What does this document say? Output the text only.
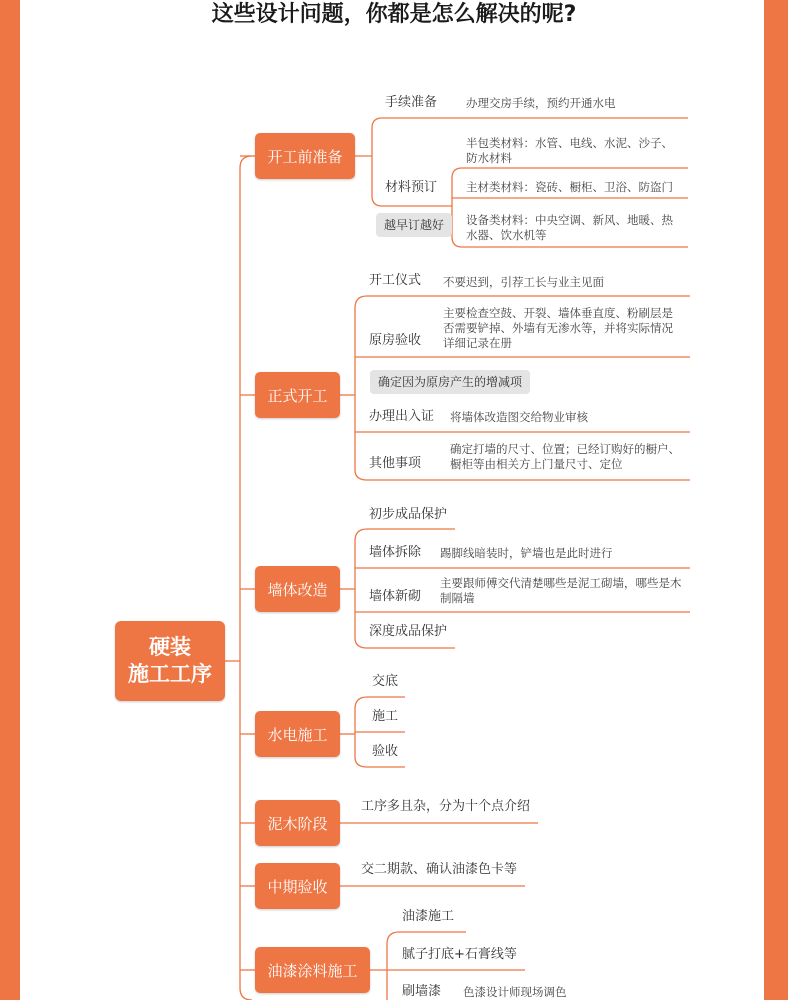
这些设计问题，你都是怎么解决的呢?
硬装
施工工序
开工前准备
正式开工
墙体改造
水电施工
泥木阶段
中期验收
油漆涂料施工
手续准备	办理交房手续，预约开通水电
材料预订
半包类材料：水管、电线、水泥、沙子、防水材料
主材类材料：瓷砖、橱柜、卫浴、防盗门
设备类材料：中央空调、新风、地暖、热水器、饮水机等
越早订越好
开工仪式 不要迟到，引荐工长与业主见面
原房验收
主要检查空鼓、开裂、墙体垂直度、粉刷层是否需要铲掉、外墙有无渗水等，并将实际情况详细记录在册
确定因为原房产生的增减项
办理出入证 将墙体改造图交给物业审核
其他事项
确定打墙的尺寸、位置；已经订购好的橱户、橱柜等由相关方上门量尺寸、定位
初步成品保护
墙体拆除 踢脚线暗装时，铲墙也是此时进行
墙体新砌
主要跟师傅交代清楚哪些是泥工砌墙，哪些是木制隔墙
深度成品保护
交底
施工
验收
工序多且杂，分为十个点介绍
交二期款、确认油漆色卡等
油漆施工
腻子打底+石膏线等
刷墙漆 色漆设计师现场调色
